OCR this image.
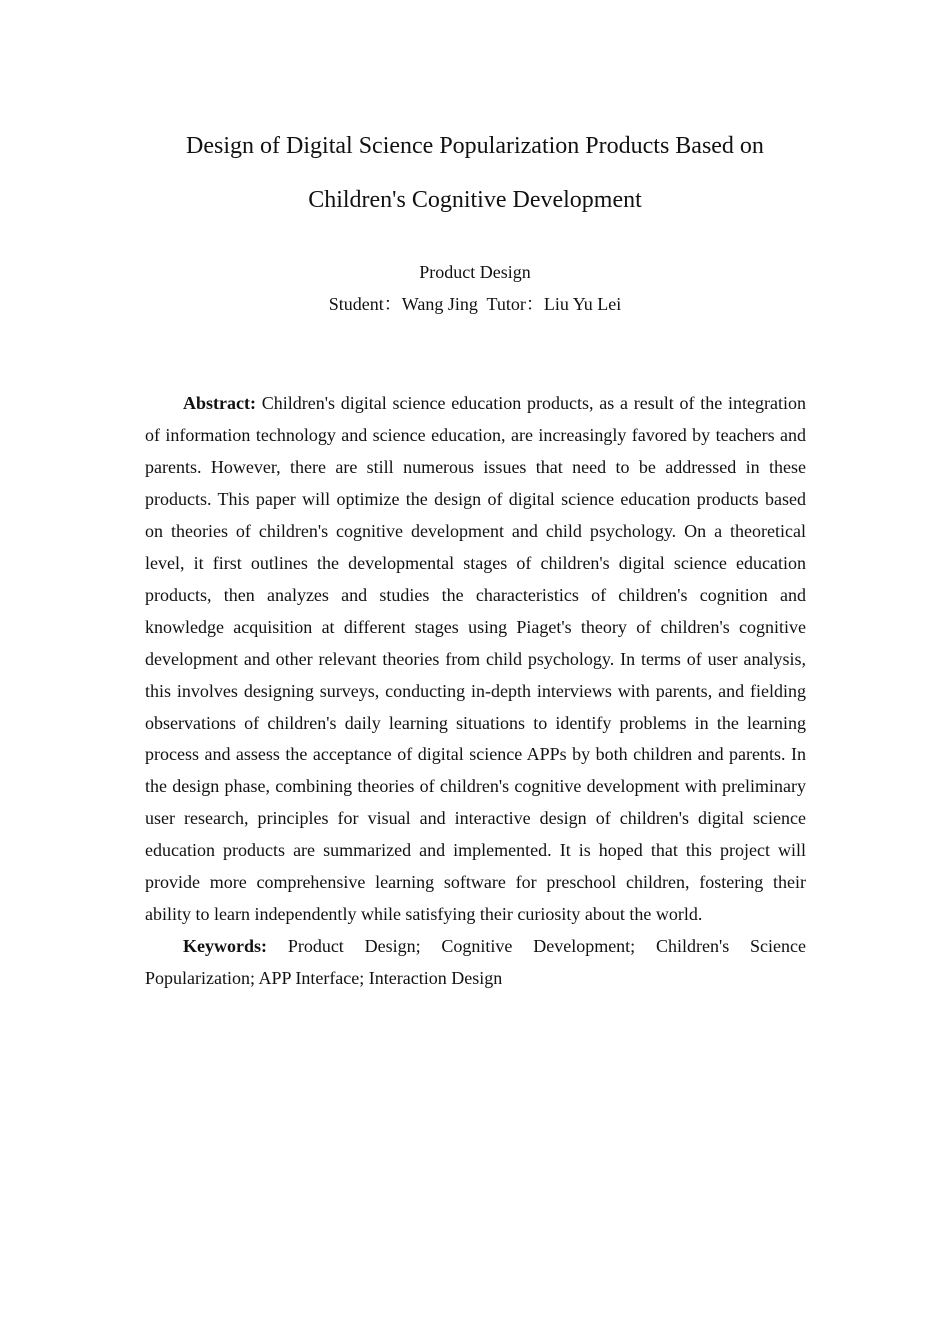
Design of Digital Science Popularization Products Based on

Children's Cognitive Development

Product Design

Student：Wang Jing Tutor：Liu Yu Lei

Abstract: Children's digital science education products, as a result of the integration of information technology and science education, are increasingly favored by teachers and parents. However, there are still numerous issues that need to be addressed in these products. This paper will optimize the design of digital science education products based on theories of children's cognitive development and child psychology. On a theoretical level, it first outlines the developmental stages of children's digital science education products, then analyzes and studies the characteristics of children's cognition and knowledge acquisition at different stages using Piaget's theory of children's cognitive development and other relevant theories from child psychology. In terms of user analysis, this involves designing surveys, conducting in-depth interviews with parents, and fielding observations of children's daily learning situations to identify problems in the learning process and assess the acceptance of digital science APPs by both children and parents. In the design phase, combining theories of children's cognitive development with preliminary user research, principles for visual and interactive design of children's digital science education products are summarized and implemented. It is hoped that this project will provide more comprehensive learning software for preschool children, fostering their ability to learn independently while satisfying their curiosity about the world.

Keywords: Product Design; Cognitive Development; Children's Science Popularization; APP Interface; Interaction Design
